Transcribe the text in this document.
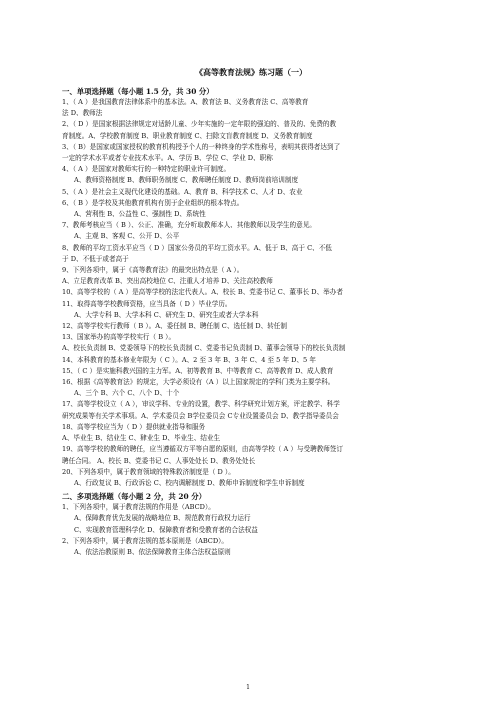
《高等教育法规》练习题（一）
一、单项选择题（每小题 1.5 分，共 30 分）
1、（ A ）是我国教育法律体系中的基本法。A、教育法 B、义务教育法 C、高等教育
法 D、教师法
2、（ D ）是国家根据法律规定对适龄儿童、少年实施的一定年限的强迫的、普及的、免费的教
育制度。A、学校教育制度 B、职业教育制度 C、扫除文盲教育制度 D、义务教育制度
3、（ B）是国家或国家授权的教育机构授予个人的一种终身的学术性称号，表明其获得者达到了
一定的学术水平或者专业技术水平。A、学历 B、学位 C、学业 D、职称
4、（ A ）是国家对教师实行的一种特定的职业许可制度。
A、教师资格制度 B、教师职务制度 C、教师聘任制度 D、教师岗前培训制度
5、（ A ）是社会主义现代化建设的基础。A、教育 B、科学技术 C、人才 D、农业
6、（ B ）是学校及其他教育机构有别于企业组织的根本特点。
A、营利性 B、公益性 C、强制性 D、系统性
7、教师考核应当（ B ）、公正、准确，充分听取教师本人、其他教师以及学生的意见。
A、主观 B、客观 C、公开 D、公平
8、教师的平均工资水平应当（ D ）国家公务员的平均工资水平。A、低于 B、高于 C、不低
于 D、不低于或者高于
9、下列各项中，属于《高等教育法》的最突出特点是（ A ）。
A、立足教育改革 B、突出高校地位 C、注重人才培养 D、关注高校教师
10、高等学校的（ A ）是高等学校的法定代表人。A、校长 B、党委书记 C、董事长 D、举办者
11、取得高等学校教师资格，应当具备（ D ）毕业学历。
A、大学专科 B、大学本科 C、研究生 D、研究生或者大学本科
12、高等学校实行教师（ B ）。A、委任制 B、聘任制 C、选任制 D、转任制
13、国家举办的高等学校实行（ B ）。
A、校长负责制 B、党委领导下的校长负责制 C、党委书记负责制 D、董事会领导下的校长负责制
14、本科教育的基本修业年限为（ C ）。A、2 至 3 年 B、3 年 C、4 至 5 年 D、5 年
15、（ C ）是实施科教兴国的主力军。A、初等教育 B、中等教育 C、高等教育 D、成人教育
16、根据《高等教育法》的规定，大学必须设有（A ）以上国家规定的学科门类为主要学科。
A、三个 B、六个 C、八个 D、十个
17、高等学校设立（ A ），审议学科、专业的设置，教学、科学研究计划方案，评定教学、科学
研究成果等有关学术事项。A、学术委员会 B学位委员会 C专业设置委员会 D、教学指导委员会
18、高等学校应当为（ D ）提供就业指导和服务
A、毕业生 B、结业生 C、肄业生 D、毕业生、结业生
19、高等学校的教师的聘任，应当遵循双方平等自愿的原则，由高等学校（ A ）与受聘教师签订
聘任合同。 A、校长 B、党委书记 C、人事处处长 D、教务处处长
20、下列各项中，属于教育领域的特殊救济制度是（ D ）。
A、行政复议 B、行政诉讼 C、校内调解制度 D、教师申诉制度和学生申诉制度
二、多项选择题（每小题 2 分，共 20 分）
1、下列各项中，属于教育法规的作用是（ABCD）。
A、保障教育优先发展的战略地位 B、规范教育行政权力运行
C、实现教育管理科学化 D、保障教育者和受教育者的合法权益
2、下列各项中，属于教育法规的基本原则是（ABCD）。
A、依法治教原则 B、依法保障教育主体合法权益原则
1
